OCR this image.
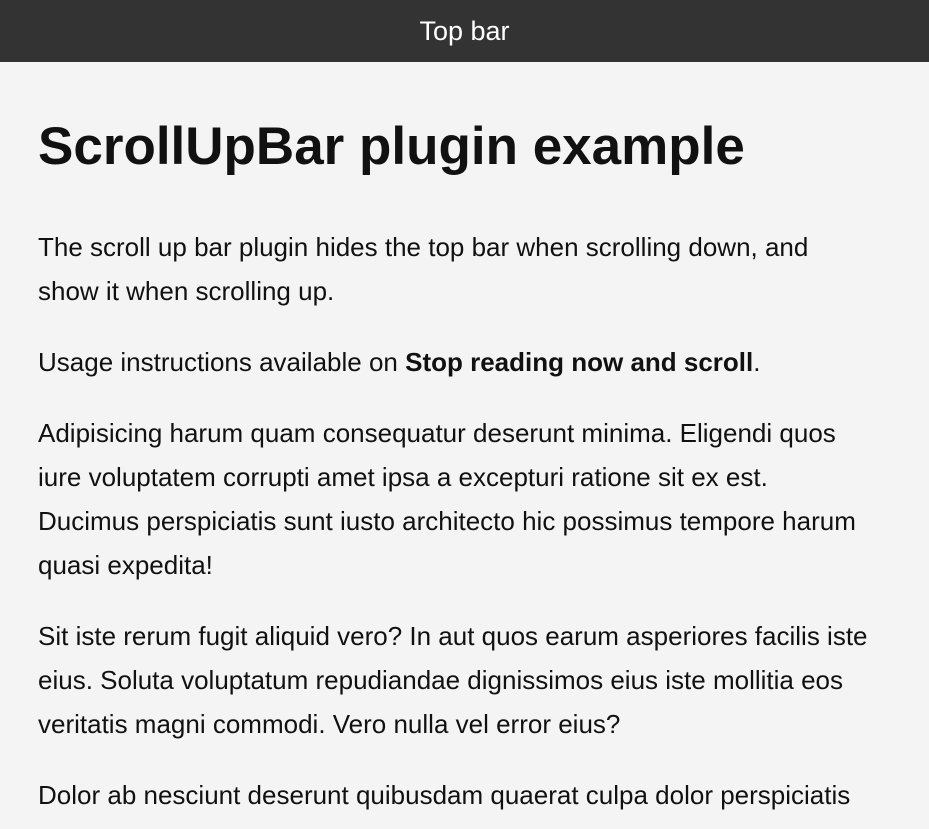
Top bar
ScrollUpBar plugin example

The scroll up bar plugin hides the top bar when scrolling down, and
show it when scrolling up.

Usage instructions available on Stop reading now and scroll.

Adipisicing harum quam consequatur deserunt minima. Eligendi quos
iure voluptatem corrupti amet ipsa a excepturi ratione sit ex est.
Ducimus perspiciatis sunt iusto architecto hic possimus tempore harum
quasi expedita!

Sit iste rerum fugit aliquid vero? In aut quos earum asperiores facilis iste
eius. Soluta voluptatum repudiandae dignissimos eius iste mollitia eos
veritatis magni commodi. Vero nulla vel error eius?

Dolor ab nesciunt deserunt quibusdam quaerat culpa dolor perspiciatis
